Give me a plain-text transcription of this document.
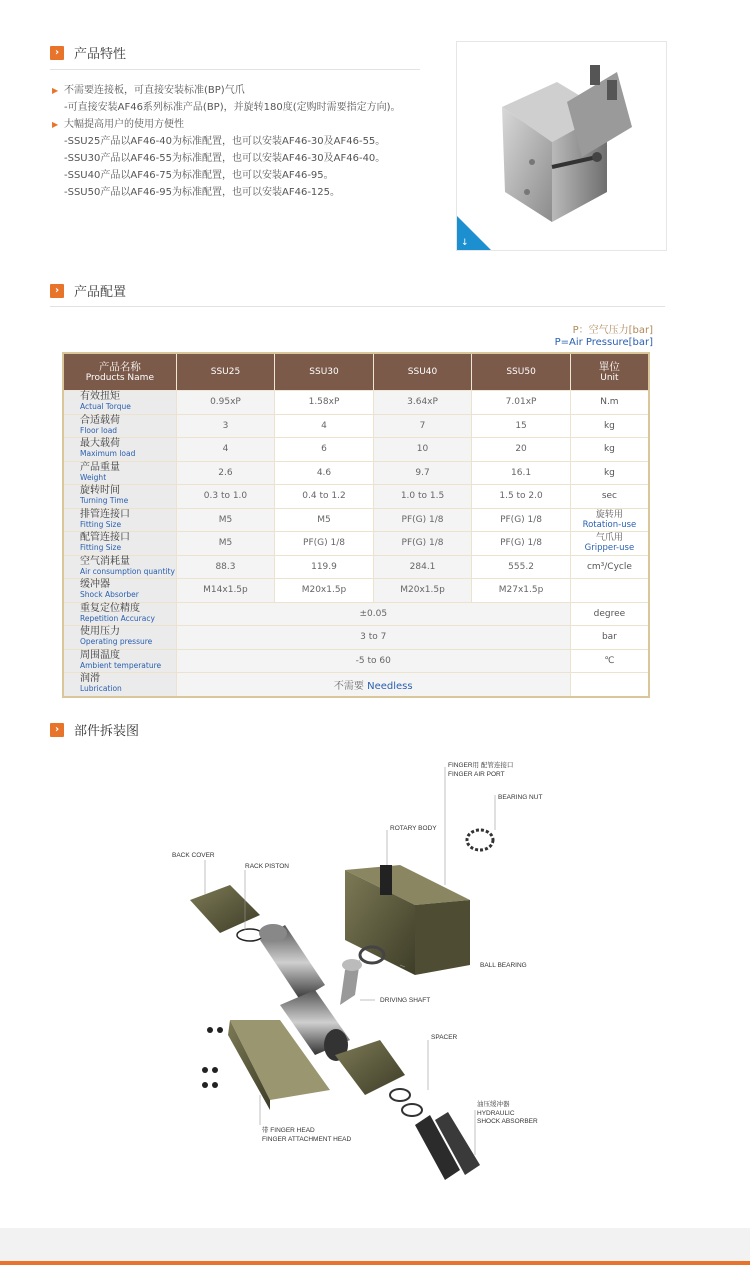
›	产品特性
▶ 不需要连接板，可直接安装标准(BP)气爪
-可直接安装AF46系列标准产品(BP)，并旋转180度(定购时需要指定方向)。
▶ 大幅提高用户的使用方便性
-SSU25产品以AF46-40为标准配置，也可以安装AF46-30及AF46-55。
-SSU30产品以AF46-55为标准配置，也可以安装AF46-30及AF46-40。
-SSU40产品以AF46-75为标准配置，也可以安装AF46-95。
-SSU50产品以AF46-95为标准配置，也可以安装AF46-125。
↓
›	产品配置
P：空气压力[bar]
P=Air Pressure[bar]
产品名称
Products Name	SSU25	SSU30	SSU40	SSU50	單位
Unit

有效扭矩
Actual Torque	0.95xP	1.58xP	3.64xP	7.01xP	N.m

合适载荷
Floor load	3	4	7	15	kg

最大载荷
Maximum load	4	6	10	20	kg

产品重量
Weight	2.6	4.6	9.7	16.1	kg

旋转时间
Turning Time	0.3 to 1.0	0.4 to 1.2	1.0 to 1.5	1.5 to 2.0	sec

排管连接口
Fitting Size	M5	M5	PF(G) 1/8	PF(G) 1/8	旋转用
Rotation-use

配管连接口
Fitting Size	M5	PF(G) 1/8	PF(G) 1/8	PF(G) 1/8	气爪用
Gripper-use

空气消耗量
Air consumption quantity	88.3	119.9	284.1	555.2	cm³/Cycle

缓冲器
Shock Absorber	M14x1.5p	M20x1.5p	M20x1.5p	M27x1.5p	

重复定位精度
Repetition Accuracy	±0.05				degree

使用压力
Operating pressure	3 to 7				bar

周围温度
Ambient temperature	-5 to 60				℃

润滑
Lubrication	不需要 Needless				
›	部件拆装图
FINGER用 配管连接口
FINGER AIR PORT
BEARING NUT
ROTARY BODY
BACK COVER
RACK PISTON
BALL BEARING
DRIVING SHAFT
SPACER
带 FINGER HEAD
FINGER ATTACHMENT HEAD
油压缓冲器
HYDRAULIC
SHOCK ABSORBER
